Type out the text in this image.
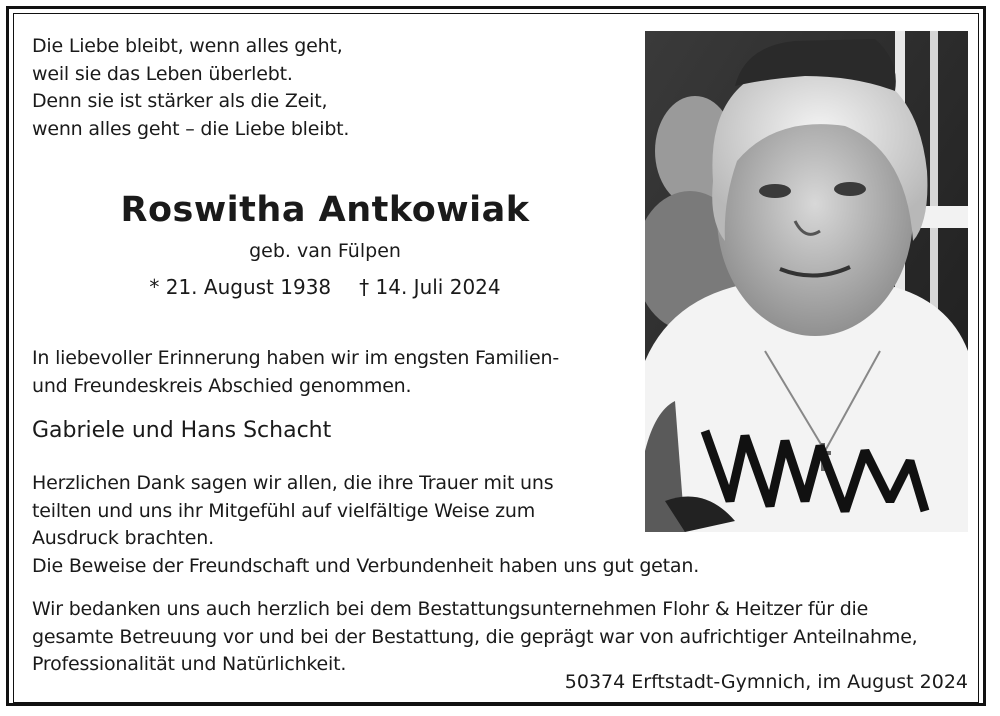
Die Liebe bleibt, wenn alles geht,
weil sie das Leben überlebt.
Denn sie ist stärker als die Zeit,
wenn alles geht – die Liebe bleibt.
Roswitha Antkowiak
geb. van Fülpen
* 21. August 1938 † 14. Juli 2024
In liebevoller Erinnerung haben wir im engsten Familien-
und Freundeskreis Abschied genommen.
Gabriele und Hans Schacht
Herzlichen Dank sagen wir allen, die ihre Trauer mit uns
teilten und uns ihr Mitgefühl auf vielfältige Weise zum
Ausdruck brachten.
Die Beweise der Freundschaft und Verbundenheit haben uns gut getan.
Wir bedanken uns auch herzlich bei dem Bestattungsunternehmen Flohr & Heitzer für die
gesamte Betreuung vor und bei der Bestattung, die geprägt war von aufrichtiger Anteilnahme,
Professionalität und Natürlichkeit.
50374 Erftstadt-Gymnich, im August 2024
